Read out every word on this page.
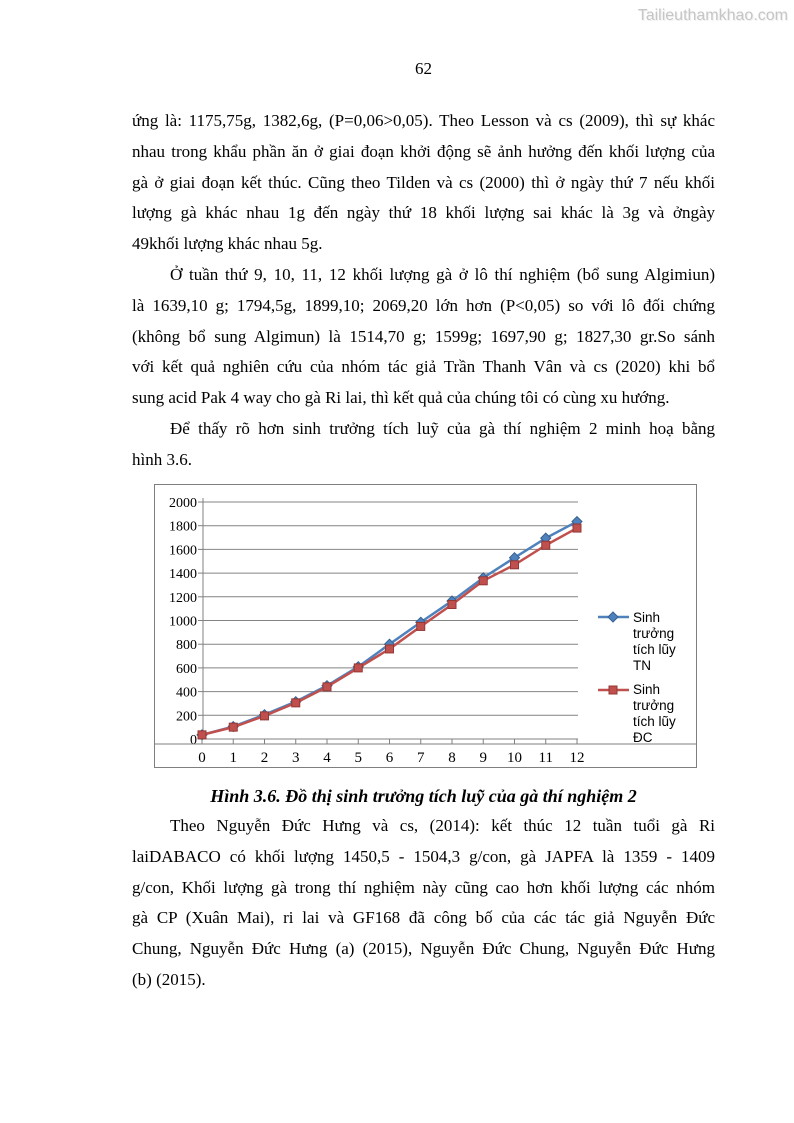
Tailieuthamkhao.com
62
ứng là: 1175,75g, 1382,6g, (P=0,06>0,05). Theo Lesson và cs (2009), thì sự khác
nhau trong khẩu phần ăn ở giai đoạn khởi động sẽ ảnh hưởng đến khối lượng của
gà ở giai đoạn kết thúc. Cũng theo Tilden và cs (2000) thì ở ngày thứ 7 nếu khối
lượng gà khác nhau 1g đến ngày thứ 18 khối lượng sai khác là 3g và ởngày
49khối lượng khác nhau 5g.
Ở tuần thứ 9, 10, 11, 12 khối lượng gà ở lô thí nghiệm (bổ sung Algimiun)
là 1639,10 g; 1794,5g, 1899,10; 2069,20 lớn hơn (P<0,05) so với lô đối chứng
(không bổ sung Algimun) là 1514,70 g; 1599g; 1697,90 g; 1827,30 gr.So sánh
với kết quả nghiên cứu của nhóm tác giả Trần Thanh Vân và cs (2020) khi bổ
sung acid Pak 4 way cho gà Ri lai, thì kết quả của chúng tôi có cùng xu hướng.
Để thấy rõ hơn sinh trưởng tích luỹ của gà thí nghiệm 2 minh hoạ bằng
hình 3.6.
0
200
400
600
800
1000
1200
1400
1600
1800
2000
0 1 2 3 4 5 6 7 8 9 10 11 12
Sinh
trưởng
tích lũy
TN
Sinh
trưởng
tích lũy
ĐC
Hình 3.6. Đồ thị sinh trưởng tích luỹ của gà thí nghiệm 2
Theo Nguyễn Đức Hưng và cs, (2014): kết thúc 12 tuần tuổi gà Ri
laiDABACO có khối lượng 1450,5 - 1504,3 g/con, gà JAPFA là 1359 - 1409
g/con, Khối lượng gà trong thí nghiệm này cũng cao hơn khối lượng các nhóm
gà CP (Xuân Mai), ri lai và GF168 đã công bố của các tác giả Nguyễn Đức
Chung, Nguyễn Đức Hưng (a) (2015), Nguyễn Đức Chung, Nguyễn Đức Hưng
(b) (2015).
